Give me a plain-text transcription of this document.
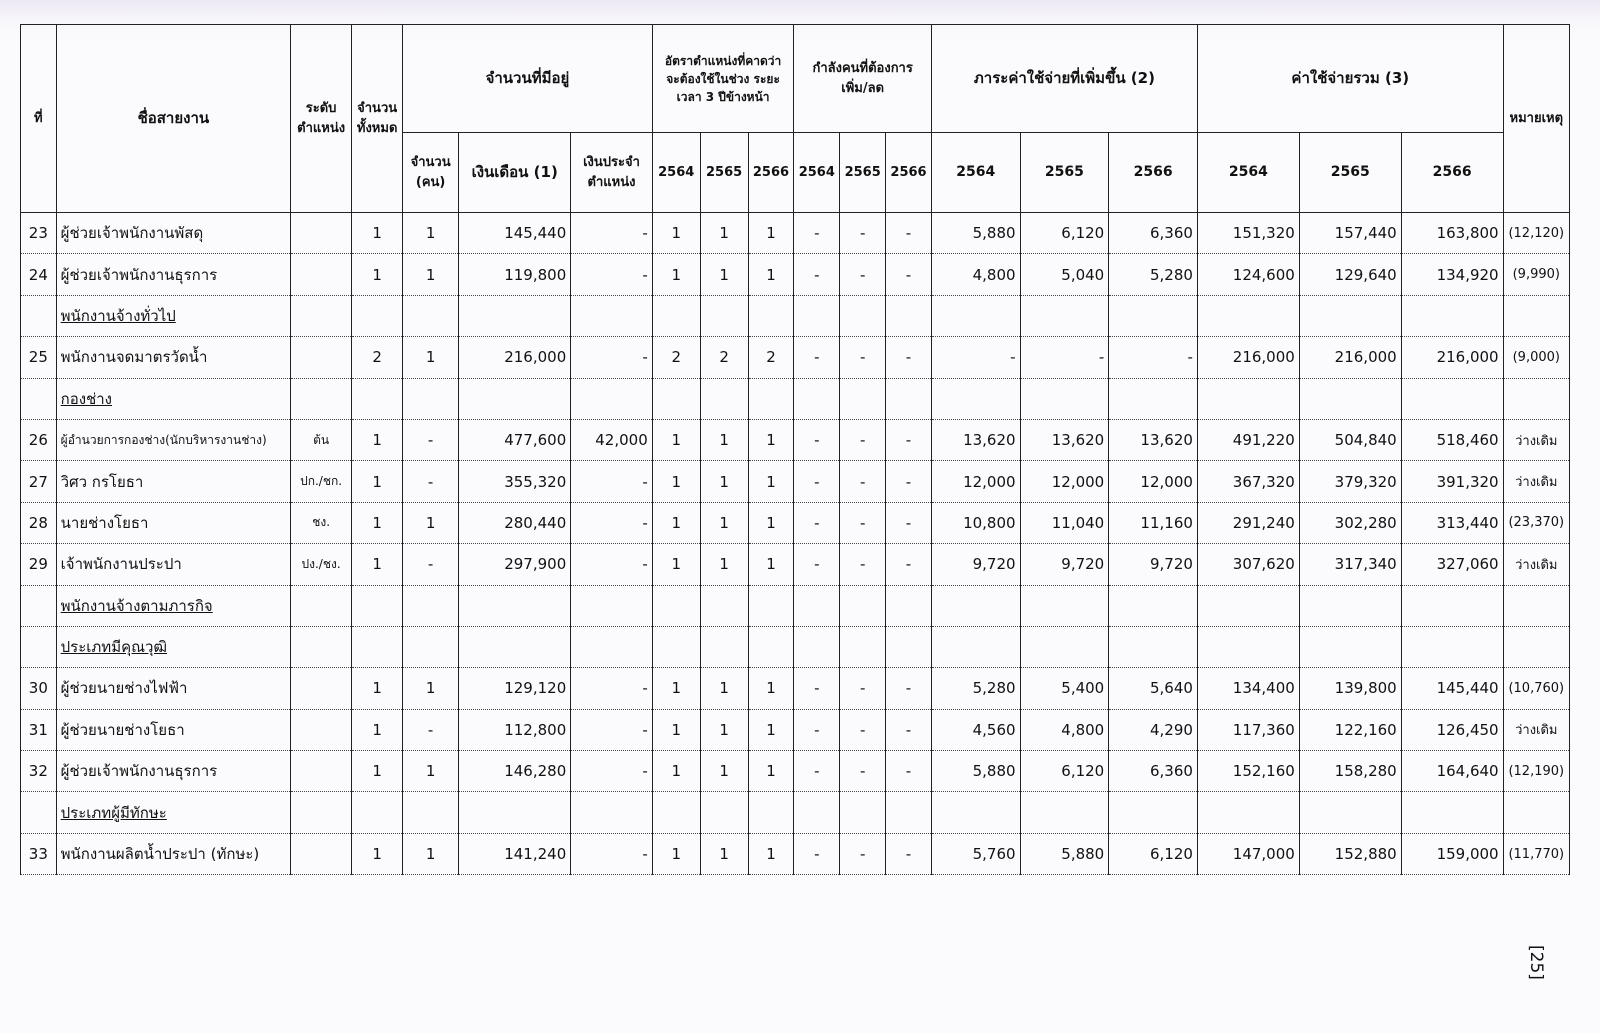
ที่	ชื่อสายงาน	ระดับ ตำแหน่ง	จำนวน ทั้งหมด	จำนวนที่มีอยู่			อัตราตำแหน่งที่คาดว่า จะต้องใช้ในช่วง ระยะเวลา 3 ปีข้างหน้า			กำลังคนที่ต้องการ เพิ่ม/ลด			ภาระค่าใช้จ่ายที่เพิ่มขึ้น (2)			ค่าใช้จ่ายรวม (3)			หมายเหตุ
				จำนวน (คน)	เงินเดือน (1)	เงินประจำ ตำแหน่ง	2564	2565	2566	2564	2565	2566	2564	2565	2566	2564	2565	2566	
23	ผู้ช่วยเจ้าพนักงานพัสดุ		1	1	145,440	-	1	1	1	-	-	-	5,880	6,120	6,360	151,320	157,440	163,800	(12,120)
24	ผู้ช่วยเจ้าพนักงานธุรการ		1	1	119,800	-	1	1	1	-	-	-	4,800	5,040	5,280	124,600	129,640	134,920	(9,990)
	พนักงานจ้างทั่วไป																		
25	พนักงานจดมาตรวัดน้ำ		2	1	216,000	-	2	2	2	-	-	-	-	-	-	216,000	216,000	216,000	(9,000)
	กองช่าง																		
26	ผู้อำนวยการกองช่าง(นักบริหารงานช่าง)	ต้น	1	-	477,600	42,000	1	1	1	-	-	-	13,620	13,620	13,620	491,220	504,840	518,460	ว่างเดิม
27	วิศว กรโยธา	ปก./ชก.	1	-	355,320	-	1	1	1	-	-	-	12,000	12,000	12,000	367,320	379,320	391,320	ว่างเดิม
28	นายช่างโยธา	ชง.	1	1	280,440	-	1	1	1	-	-	-	10,800	11,040	11,160	291,240	302,280	313,440	(23,370)
29	เจ้าพนักงานประปา	ปง./ชง.	1	-	297,900	-	1	1	1	-	-	-	9,720	9,720	9,720	307,620	317,340	327,060	ว่างเดิม
	พนักงานจ้างตามภารกิจ																		
	ประเภทมีคุณวุฒิ																		
30	ผู้ช่วยนายช่างไฟฟ้า		1	1	129,120	-	1	1	1	-	-	-	5,280	5,400	5,640	134,400	139,800	145,440	(10,760)
31	ผู้ช่วยนายช่างโยธา		1	-	112,800	-	1	1	1	-	-	-	4,560	4,800	4,290	117,360	122,160	126,450	ว่างเดิม
32	ผู้ช่วยเจ้าพนักงานธุรการ		1	1	146,280	-	1	1	1	-	-	-	5,880	6,120	6,360	152,160	158,280	164,640	(12,190)
	ประเภทผู้มีทักษะ																		
33	พนักงานผลิตน้ำประปา (ทักษะ)		1	1	141,240	-	1	1	1	-	-	-	5,760	5,880	6,120	147,000	152,880	159,000	(11,770)
[25]
